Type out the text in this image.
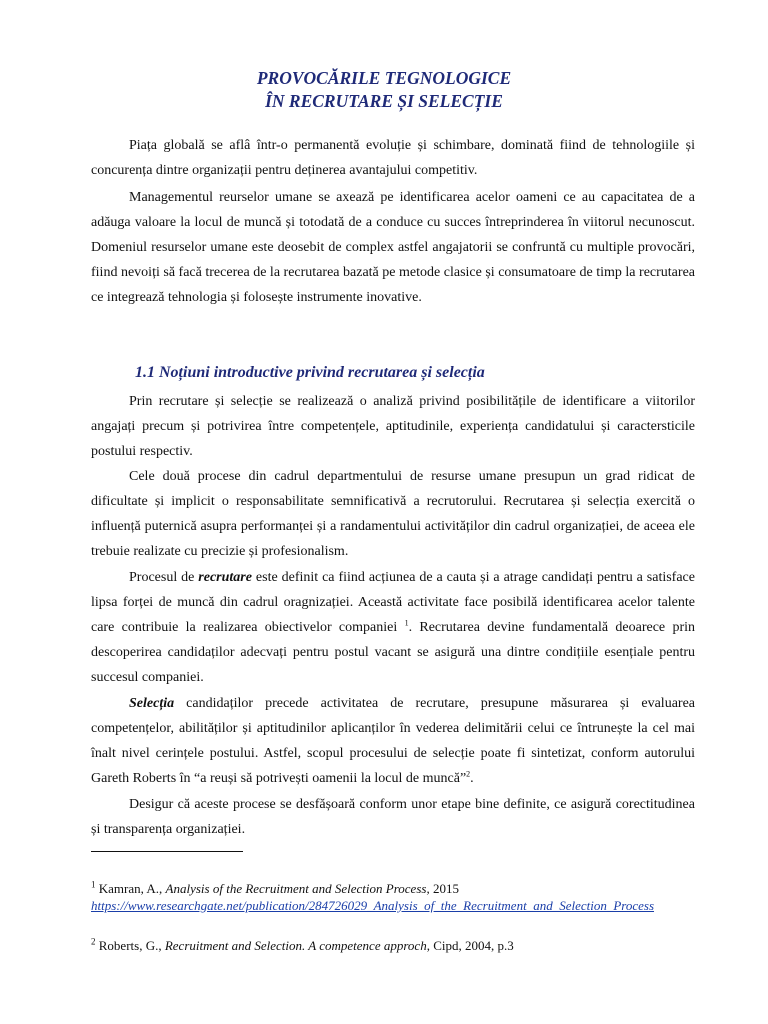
PROVOCĂRILE TEGNOLOGICE
ÎN RECRUTARE ȘI SELECȚIE

Piața globală se aflâ într-o permanentă evoluție și schimbare, dominată fiind de tehnologiile și concurența dintre organizații pentru deținerea avantajului competitiv.

Managementul reurselor umane se axează pe identificarea acelor oameni ce au capacitatea de a adăuga valoare la locul de muncă și totodată de a conduce cu succes întreprinderea în viitorul necunoscut. Domeniul resurselor umane este deosebit de complex astfel angajatorii se confruntă cu multiple provocări, fiind nevoiți să facă trecerea de la recrutarea bazată pe metode clasice și consumatoare de timp la recrutarea ce integrează tehnologia și folosește instrumente inovative.

1.1 Noțiuni introductive privind recrutarea și selecția

Prin recrutare și selecție se realizează o analiză privind posibilitățile de identificare a viitorilor angajați precum și potrivirea între competențele, aptitudinile, experiența candidatului și caractersticile postului respectiv.

Cele două procese din cadrul departmentului de resurse umane presupun un grad ridicat de dificultate și implicit o responsabilitate semnificativă a recrutorului. Recrutarea și selecția exercită o influență puternică asupra performanței și a randamentului activităților din cadrul organizației, de aceea ele trebuie realizate cu precizie și profesionalism.

Procesul de recrutare este definit ca fiind acțiunea de a cauta și a atrage candidați pentru a satisface lipsa forței de muncă din cadrul oragnizației. Această activitate face posibilă identificarea acelor talente care contribuie la realizarea obiectivelor companiei $^1$. Recrutarea devine fundamentală deoarece prin descoperirea candidaților adecvați pentru postul vacant se asigură una dintre condițiile esențiale pentru succesul companiei.

Selecția candidaților precede activitatea de recrutare, presupune măsurarea și evaluarea competențelor, abilităților și aptitudinilor aplicanților în vederea delimitării celui ce întrunește la cel mai înalt nivel cerințele postului. Astfel, scopul procesului de selecție poate fi sintetizat, conform autorului Gareth Roberts în “a reuși să potrivești oamenii la locul de muncă”$^2$.

Desigur că aceste procese se desfășoară conform unor etape bine definite, ce asigură corectitudinea și transparența organizației.

$^1$ Kamran, A., Analysis of the Recruitment and Selection Process, 2015
https://www.researchgate.net/publication/284726029_Analysis_of_the_Recruitment_and_Selection_Process

$^2$ Roberts, G., Recruitment and Selection. A competence approch, Cipd, 2004, p.3
